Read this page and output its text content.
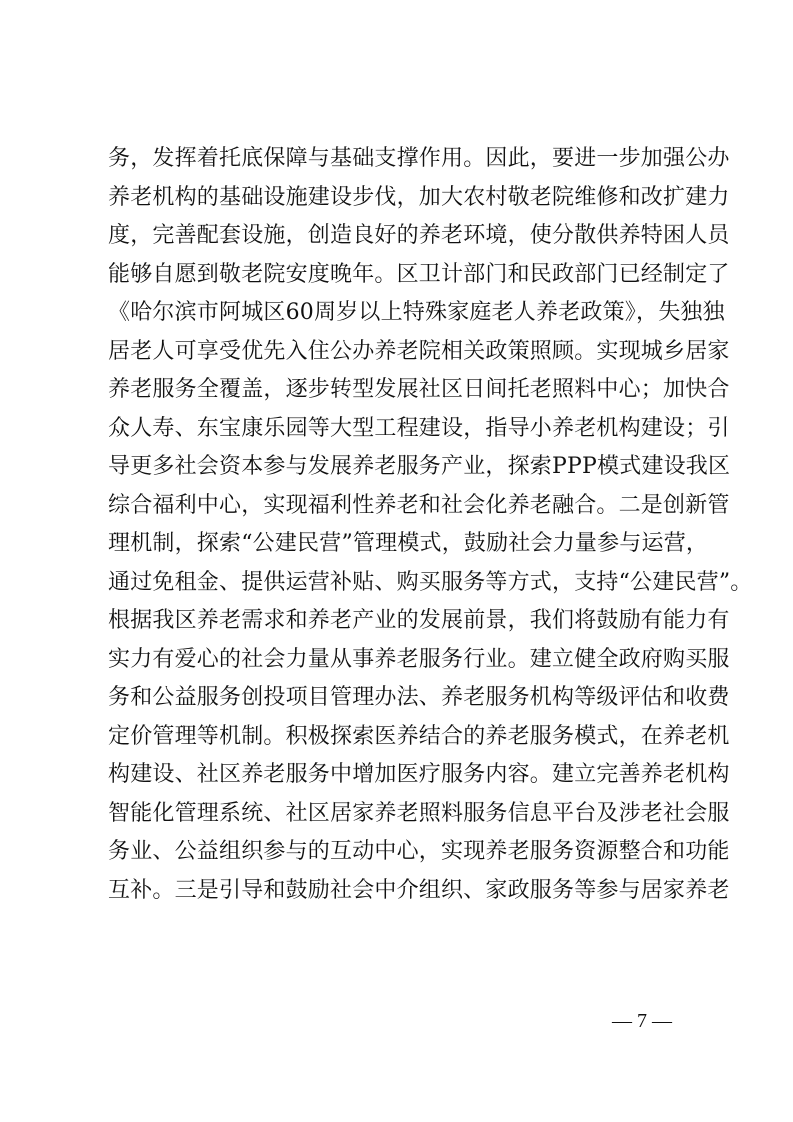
务，发挥着托底保障与基础支撑作用。因此，要进一步加强公办
养老机构的基础设施建设步伐，加大农村敬老院维修和改扩建力
度，完善配套设施，创造良好的养老环境，使分散供养特困人员
能够自愿到敬老院安度晚年。区卫计部门和民政部门已经制定了
《哈尔滨市阿城区60周岁以上特殊家庭老人养老政策》，失独独
居老人可享受优先入住公办养老院相关政策照顾。实现城乡居家
养老服务全覆盖，逐步转型发展社区日间托老照料中心；加快合
众人寿、东宝康乐园等大型工程建设，指导小养老机构建设；引
导更多社会资本参与发展养老服务产业，探索PPP模式建设我区
综合福利中心，实现福利性养老和社会化养老融合。二是创新管
理机制，探索“公建民营”管理模式，鼓励社会力量参与运营，
通过免租金、提供运营补贴、购买服务等方式，支持“公建民营”。
根据我区养老需求和养老产业的发展前景，我们将鼓励有能力有
实力有爱心的社会力量从事养老服务行业。建立健全政府购买服
务和公益服务创投项目管理办法、养老服务机构等级评估和收费
定价管理等机制。积极探索医养结合的养老服务模式，在养老机
构建设、社区养老服务中增加医疗服务内容。建立完善养老机构
智能化管理系统、社区居家养老照料服务信息平台及涉老社会服
务业、公益组织参与的互动中心，实现养老服务资源整合和功能
互补。三是引导和鼓励社会中介组织、家政服务等参与居家养老
— 7 —
